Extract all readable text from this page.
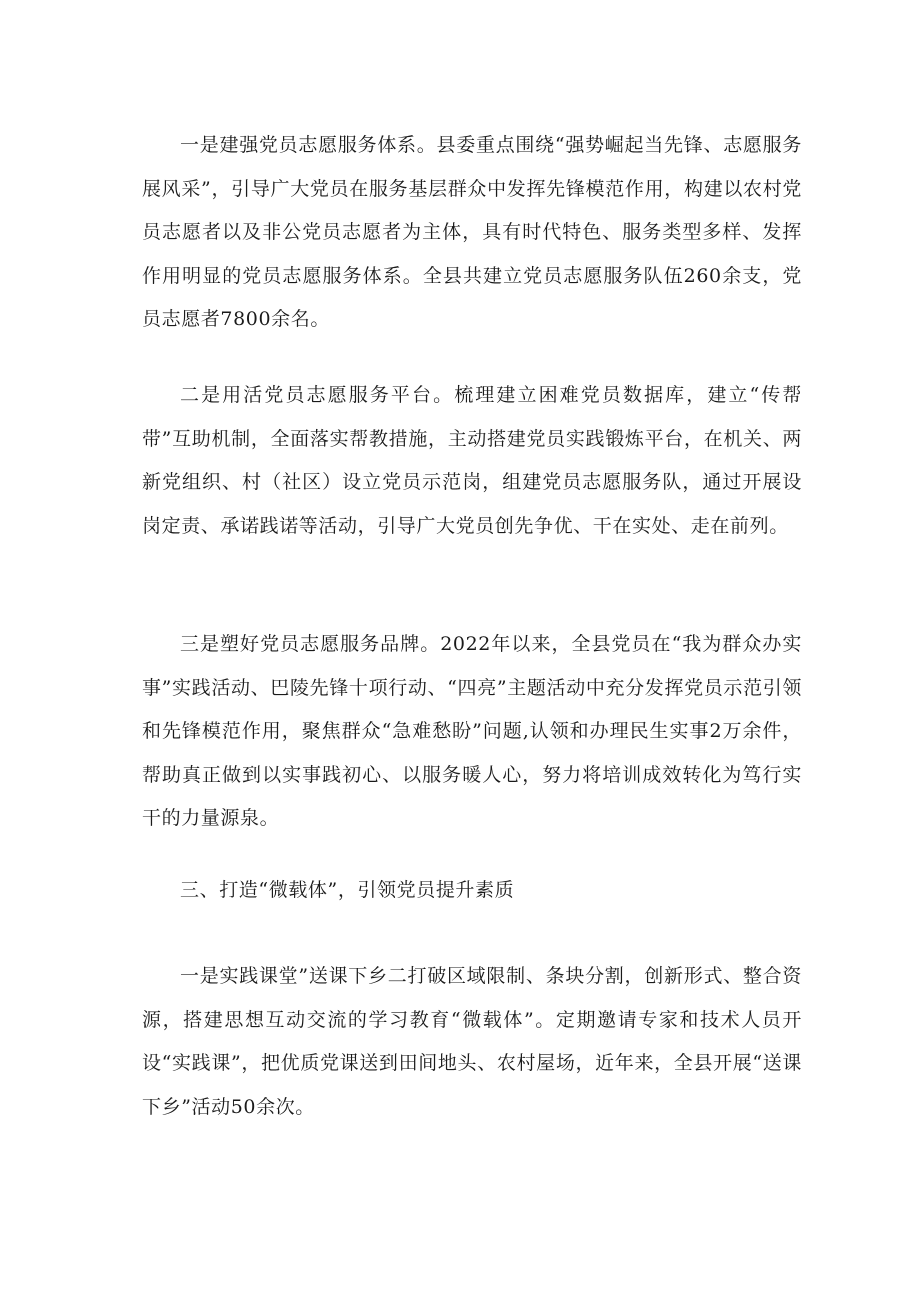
一是建强党员志愿服务体系。县委重点围绕“强势崛起当先锋、志愿服务展风采”，引导广大党员在服务基层群众中发挥先锋模范作用，构建以农村党员志愿者以及非公党员志愿者为主体，具有时代特色、服务类型多样、发挥作用明显的党员志愿服务体系。全县共建立党员志愿服务队伍260余支，党员志愿者7800余名。

二是用活党员志愿服务平台。梳理建立困难党员数据库，建立“传帮带”互助机制，全面落实帮教措施，主动搭建党员实践锻炼平台，在机关、两新党组织、村（社区）设立党员示范岗，组建党员志愿服务队，通过开展设岗定责、承诺践诺等活动，引导广大党员创先争优、干在实处、走在前列。

三是塑好党员志愿服务品牌。2022年以来，全县党员在“我为群众办实事”实践活动、巴陵先锋十项行动、“四亮”主题活动中充分发挥党员示范引领和先锋模范作用，聚焦群众“急难愁盼”问题,认领和办理民生实事2万余件，帮助真正做到以实事践初心、以服务暖人心，努力将培训成效转化为笃行实干的力量源泉。

三、打造“微载体”，引领党员提升素质

一是实践课堂”送课下乡二打破区域限制、条块分割，创新形式、整合资源，搭建思想互动交流的学习教育“微载体”。定期邀请专家和技术人员开设“实践课”，把优质党课送到田间地头、农村屋场，近年来，全县开展“送课下乡”活动50余次。
